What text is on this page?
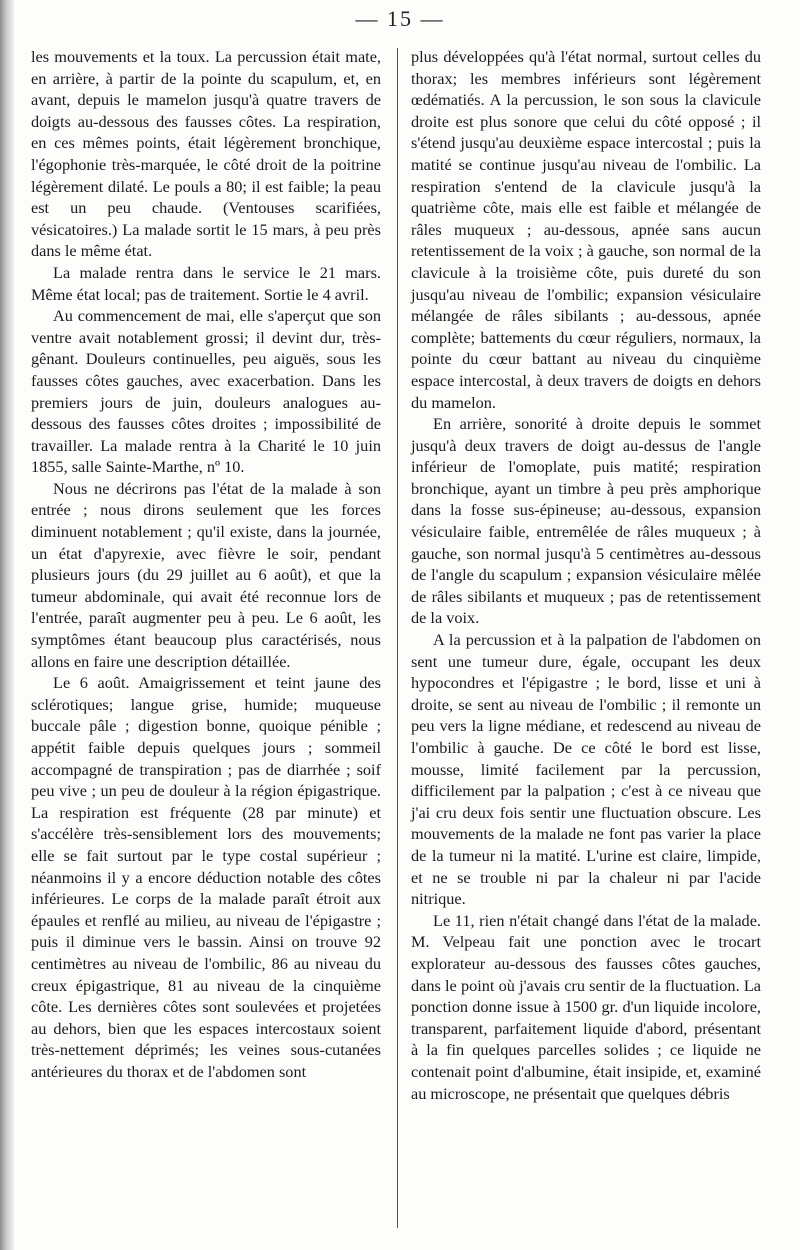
— 15 —

les mouvements et la toux. La percussion était mate, en arrière, à partir de la pointe du scapulum, et, en avant, depuis le mamelon jusqu'à quatre travers de doigts au-dessous des fausses côtes. La respiration, en ces mêmes points, était légèrement bronchique, l'égophonie très-marquée, le côté droit de la poitrine légèrement dilaté. Le pouls a 80; il est faible; la peau est un peu chaude. (Ventouses scarifiées, vésicatoires.) La malade sortit le 15 mars, à peu près dans le même état.

La malade rentra dans le service le 21 mars. Même état local; pas de traitement. Sortie le 4 avril.

Au commencement de mai, elle s'aperçut que son ventre avait notablement grossi; il devint dur, très-gênant. Douleurs continuelles, peu aiguës, sous les fausses côtes gauches, avec exacerbation. Dans les premiers jours de juin, douleurs analogues au-dessous des fausses côtes droites ; impossibilité de travailler. La malade rentra à la Charité le 10 juin 1855, salle Sainte-Marthe, nº 10.

Nous ne décrirons pas l'état de la malade à son entrée ; nous dirons seulement que les forces diminuent notablement ; qu'il existe, dans la journée, un état d'apyrexie, avec fièvre le soir, pendant plusieurs jours (du 29 juillet au 6 août), et que la tumeur abdominale, qui avait été reconnue lors de l'entrée, paraît augmenter peu à peu. Le 6 août, les symptômes étant beaucoup plus caractérisés, nous allons en faire une description détaillée.

Le 6 août. Amaigrissement et teint jaune des sclérotiques; langue grise, humide; muqueuse buccale pâle ; digestion bonne, quoique pénible ; appétit faible depuis quelques jours ; sommeil accompagné de transpiration ; pas de diarrhée ; soif peu vive ; un peu de douleur à la région épigastrique. La respiration est fréquente (28 par minute) et s'accélère très-sensiblement lors des mouvements; elle se fait surtout par le type costal supérieur ; néanmoins il y a encore déduction notable des côtes inférieures. Le corps de la malade paraît étroit aux épaules et renflé au milieu, au niveau de l'épigastre ; puis il diminue vers le bassin. Ainsi on trouve 92 centimètres au niveau de l'ombilic, 86 au niveau du creux épigastrique, 81 au niveau de la cinquième côte. Les dernières côtes sont soulevées et projetées au dehors, bien que les espaces intercostaux soient très-nettement déprimés; les veines sous-cutanées antérieures du thorax et de l'abdomen sont

plus développées qu'à l'état normal, surtout celles du thorax; les membres inférieurs sont légèrement œdématiés. A la percussion, le son sous la clavicule droite est plus sonore que celui du côté opposé ; il s'étend jusqu'au deuxième espace intercostal ; puis la matité se continue jusqu'au niveau de l'ombilic. La respiration s'entend de la clavicule jusqu'à la quatrième côte, mais elle est faible et mélangée de râles muqueux ; au-dessous, apnée sans aucun retentissement de la voix ; à gauche, son normal de la clavicule à la troisième côte, puis dureté du son jusqu'au niveau de l'ombilic; expansion vésiculaire mélangée de râles sibilants ; au-dessous, apnée complète; battements du cœur réguliers, normaux, la pointe du cœur battant au niveau du cinquième espace intercostal, à deux travers de doigts en dehors du mamelon.

En arrière, sonorité à droite depuis le sommet jusqu'à deux travers de doigt au-dessus de l'angle inférieur de l'omoplate, puis matité; respiration bronchique, ayant un timbre à peu près amphorique dans la fosse sus-épineuse; au-dessous, expansion vésiculaire faible, entremêlée de râles muqueux ; à gauche, son normal jusqu'à 5 centimètres au-dessous de l'angle du scapulum ; expansion vésiculaire mêlée de râles sibilants et muqueux ; pas de retentissement de la voix.

A la percussion et à la palpation de l'abdomen on sent une tumeur dure, égale, occupant les deux hypocondres et l'épigastre ; le bord, lisse et uni à droite, se sent au niveau de l'ombilic ; il remonte un peu vers la ligne médiane, et redescend au niveau de l'ombilic à gauche. De ce côté le bord est lisse, mousse, limité facilement par la percussion, difficilement par la palpation ; c'est à ce niveau que j'ai cru deux fois sentir une fluctuation obscure. Les mouvements de la malade ne font pas varier la place de la tumeur ni la matité. L'urine est claire, limpide, et ne se trouble ni par la chaleur ni par l'acide nitrique.

Le 11, rien n'était changé dans l'état de la malade. M. Velpeau fait une ponction avec le trocart explorateur au-dessous des fausses côtes gauches, dans le point où j'avais cru sentir de la fluctuation. La ponction donne issue à 1500 gr. d'un liquide incolore, transparent, parfaitement liquide d'abord, présentant à la fin quelques parcelles solides ; ce liquide ne contenait point d'albumine, était insipide, et, examiné au microscope, ne présentait que quelques débris
